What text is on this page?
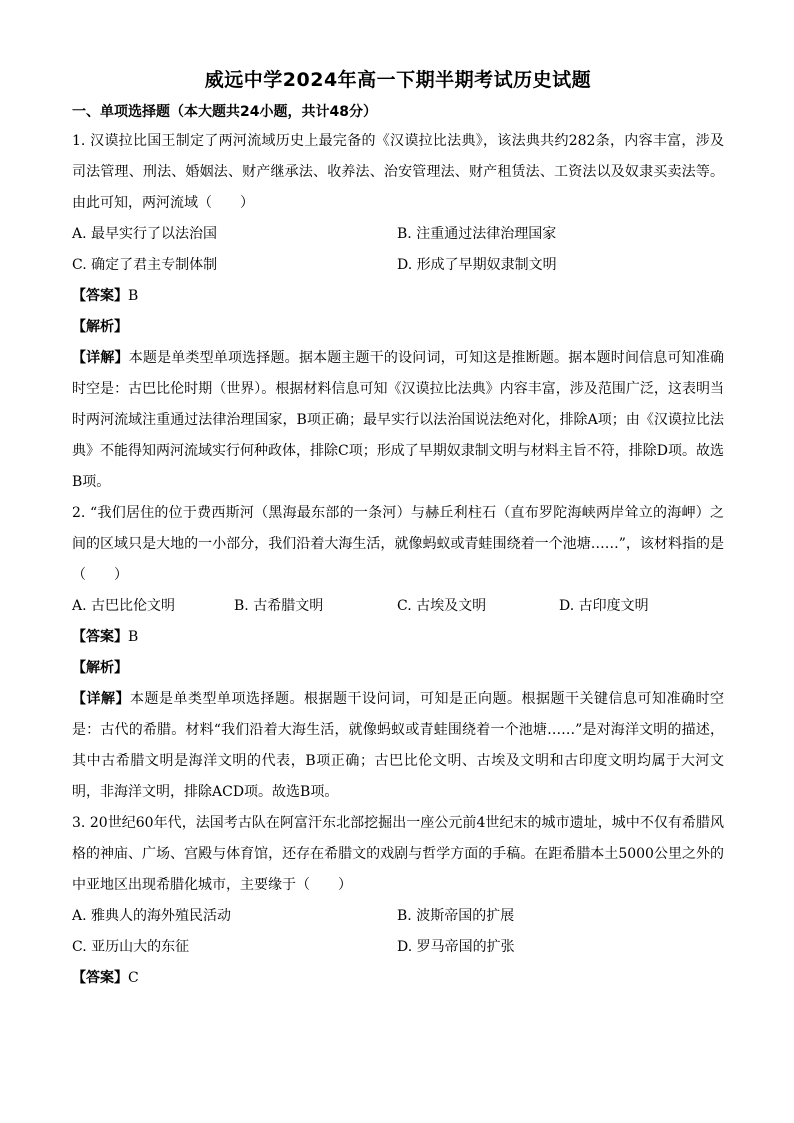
威远中学2024年高一下期半期考试历史试题
一、单项选择题（本大题共24小题，共计48分）

1. 汉谟拉比国王制定了两河流域历史上最完备的《汉谟拉比法典》，该法典共约282条，内容丰富，涉及司法管理、刑法、婚姻法、财产继承法、收养法、治安管理法、财产租赁法、工资法以及奴隶买卖法等。由此可知，两河流域（　　）

A. 最早实行了以法治国	B. 注重通过法律治理国家
C. 确定了君主专制体制	D. 形成了早期奴隶制文明
【答案】B
【解析】

【详解】本题是单类型单项选择题。据本题主题干的设问词，可知这是推断题。据本题时间信息可知准确时空是：古巴比伦时期（世界）。根据材料信息可知《汉谟拉比法典》内容丰富，涉及范围广泛，这表明当时两河流域注重通过法律治理国家，B项正确；最早实行以法治国说法绝对化，排除A项；由《汉谟拉比法典》不能得知两河流域实行何种政体，排除C项；形成了早期奴隶制文明与材料主旨不符，排除D项。故选B项。

2. “我们居住的位于费西斯河（黑海最东部的一条河）与赫丘利柱石（直布罗陀海峡两岸耸立的海岬）之间的区域只是大地的一小部分，我们沿着大海生活，就像蚂蚁或青蛙围绕着一个池塘……”，该材料指的是（　　）

A. 古巴比伦文明	B. 古希腊文明	C. 古埃及文明	D. 古印度文明
【答案】B
【解析】

【详解】本题是单类型单项选择题。根据题干设问词，可知是正向题。根据题干关键信息可知准确时空是：古代的希腊。材料“我们沿着大海生活，就像蚂蚁或青蛙围绕着一个池塘……”是对海洋文明的描述，其中古希腊文明是海洋文明的代表，B项正确；古巴比伦文明、古埃及文明和古印度文明均属于大河文明，非海洋文明，排除ACD项。故选B项。

3. 20世纪60年代，法国考古队在阿富汗东北部挖掘出一座公元前4世纪末的城市遗址，城中不仅有希腊风格的神庙、广场、宫殿与体育馆，还存在希腊文的戏剧与哲学方面的手稿。在距希腊本土5000公里之外的中亚地区出现希腊化城市，主要缘于（　　）

A. 雅典人的海外殖民活动	B. 波斯帝国的扩展
C. 亚历山大的东征	D. 罗马帝国的扩张
【答案】C
